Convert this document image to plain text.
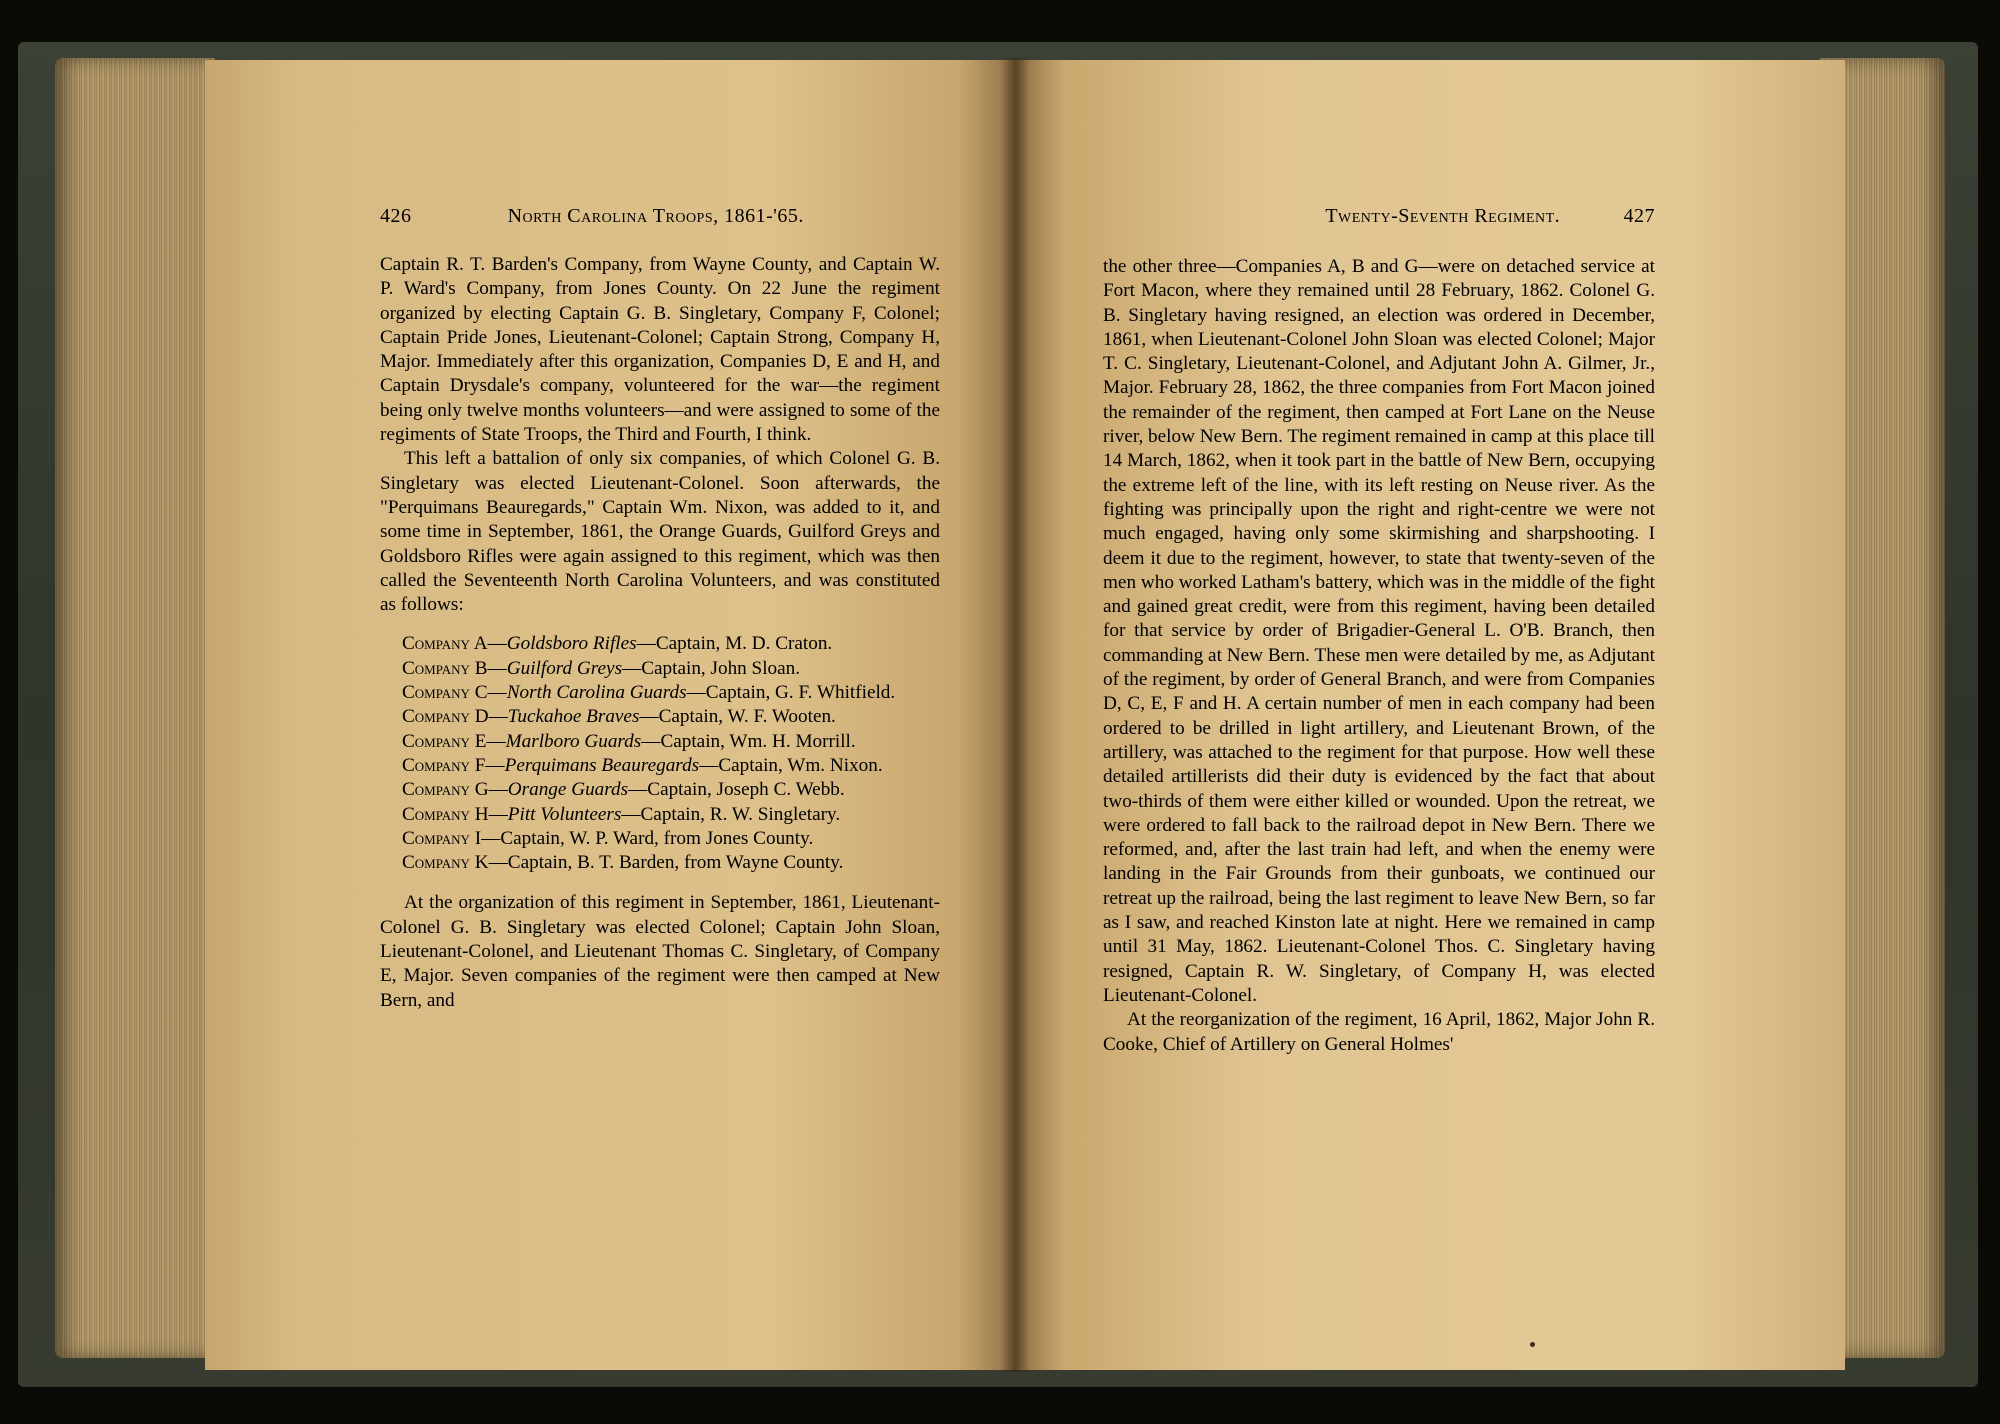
426	North Carolina Troops, 1861-'65.	Twenty-Seventh Regiment.	427

Captain R. T. Barden's Company, from Wayne County, and Captain W. P. Ward's Company, from Jones County. On 22 June the regiment organized by electing Captain G. B. Singletary, Company F, Colonel; Captain Pride Jones, Lieutenant-Colonel; Captain Strong, Company H, Major. Immediately after this organization, Companies D, E and H, and Captain Drysdale's company, volunteered for the war—the regiment being only twelve months volunteers—and were assigned to some of the regiments of State Troops, the Third and Fourth, I think.

This left a battalion of only six companies, of which Colonel G. B. Singletary was elected Lieutenant-Colonel. Soon afterwards, the "Perquimans Beauregards," Captain Wm. Nixon, was added to it, and some time in September, 1861, the Orange Guards, Guilford Greys and Goldsboro Rifles were again assigned to this regiment, which was then called the Seventeenth North Carolina Volunteers, and was constituted as follows:

Company A—Goldsboro Rifles—Captain, M. D. Craton.

Company B—Guilford Greys—Captain, John Sloan.

Company C—North Carolina Guards—Captain, G. F. Whitfield.

Company D—Tuckahoe Braves—Captain, W. F. Wooten.

Company E—Marlboro Guards—Captain, Wm. H. Morrill.

Company F—Perquimans Beauregards—Captain, Wm. Nixon.

Company G—Orange Guards—Captain, Joseph C. Webb.

Company H—Pitt Volunteers—Captain, R. W. Singletary.

Company I—Captain, W. P. Ward, from Jones County.

Company K—Captain, B. T. Barden, from Wayne County.

At the organization of this regiment in September, 1861, Lieutenant-Colonel G. B. Singletary was elected Colonel; Captain John Sloan, Lieutenant-Colonel, and Lieutenant Thomas C. Singletary, of Company E, Major. Seven companies of the regiment were then camped at New Bern, and

the other three—Companies A, B and G—were on detached service at Fort Macon, where they remained until 28 February, 1862. Colonel G. B. Singletary having resigned, an election was ordered in December, 1861, when Lieutenant-Colonel John Sloan was elected Colonel; Major T. C. Singletary, Lieutenant-Colonel, and Adjutant John A. Gilmer, Jr., Major. February 28, 1862, the three companies from Fort Macon joined the remainder of the regiment, then camped at Fort Lane on the Neuse river, below New Bern. The regiment remained in camp at this place till 14 March, 1862, when it took part in the battle of New Bern, occupying the extreme left of the line, with its left resting on Neuse river. As the fighting was principally upon the right and right-centre we were not much engaged, having only some skirmishing and sharpshooting. I deem it due to the regiment, however, to state that twenty-seven of the men who worked Latham's battery, which was in the middle of the fight and gained great credit, were from this regiment, having been detailed for that service by order of Brigadier-General L. O'B. Branch, then commanding at New Bern. These men were detailed by me, as Adjutant of the regiment, by order of General Branch, and were from Companies D, C, E, F and H. A certain number of men in each company had been ordered to be drilled in light artillery, and Lieutenant Brown, of the artillery, was attached to the regiment for that purpose. How well these detailed artillerists did their duty is evidenced by the fact that about two-thirds of them were either killed or wounded. Upon the retreat, we were ordered to fall back to the railroad depot in New Bern. There we reformed, and, after the last train had left, and when the enemy were landing in the Fair Grounds from their gunboats, we continued our retreat up the railroad, being the last regiment to leave New Bern, so far as I saw, and reached Kinston late at night. Here we remained in camp until 31 May, 1862. Lieutenant-Colonel Thos. C. Singletary having resigned, Captain R. W. Singletary, of Company H, was elected Lieutenant-Colonel.

At the reorganization of the regiment, 16 April, 1862, Major John R. Cooke, Chief of Artillery on General Holmes'
